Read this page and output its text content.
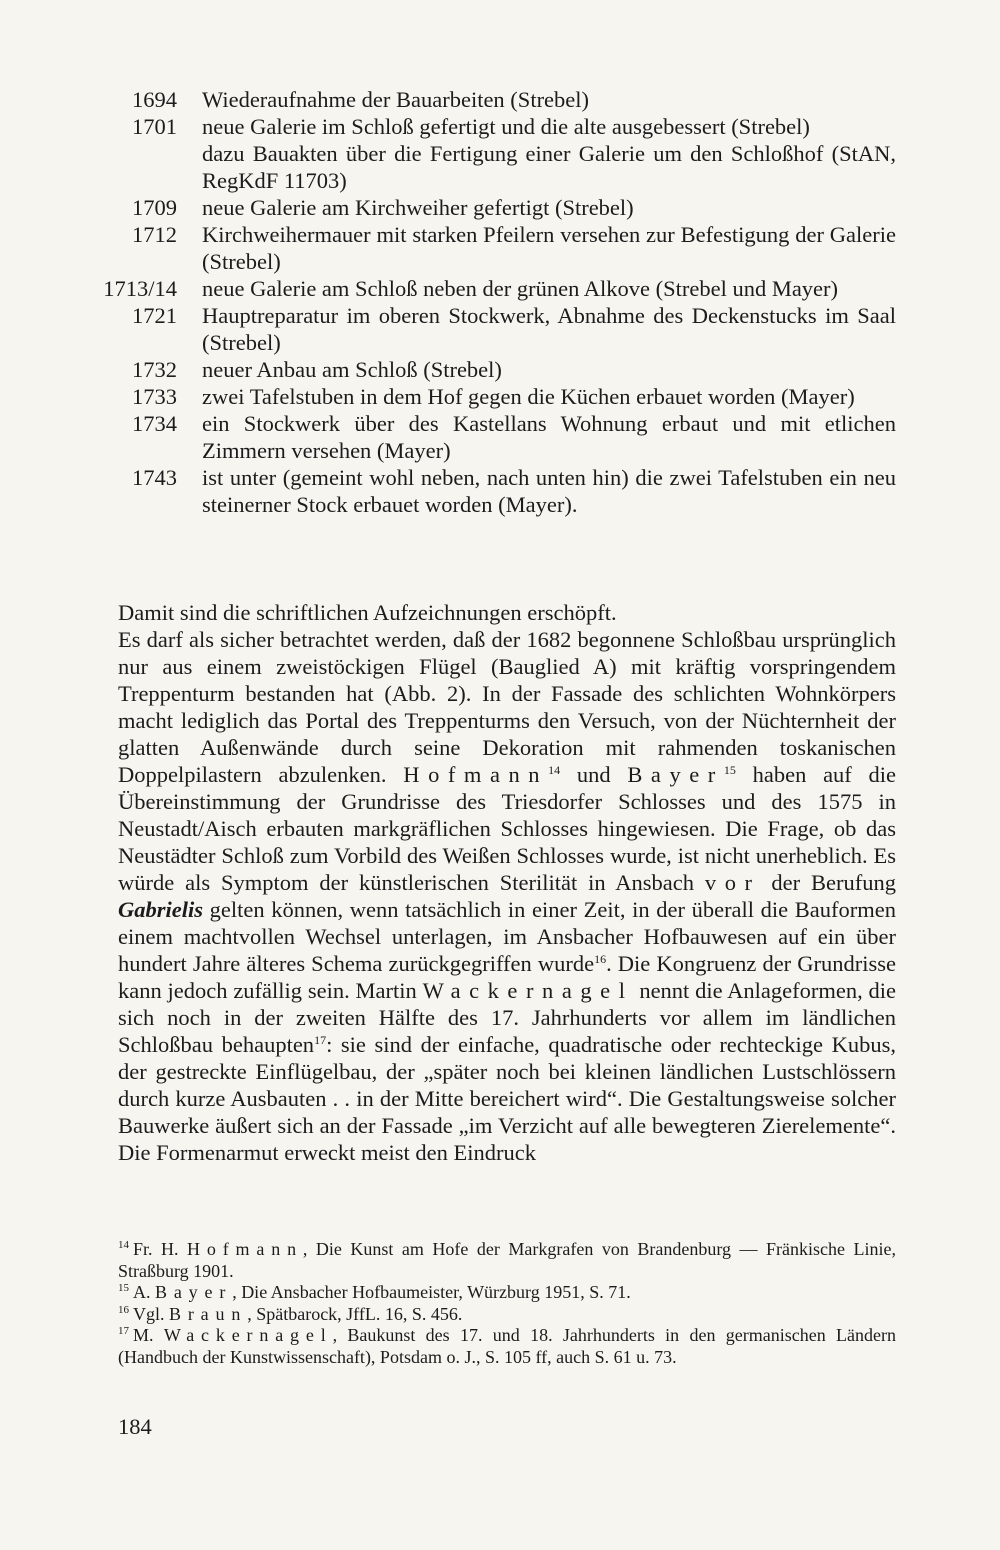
1694 Wiederaufnahme der Bauarbeiten (Strebel)
1701 neue Galerie im Schloß gefertigt und die alte ausgebessert (Strebel)
dazu Bauakten über die Fertigung einer Galerie um den Schloßhof (StAN, RegKdF 11703)
1709 neue Galerie am Kirchweiher gefertigt (Strebel)
1712 Kirchweihermauer mit starken Pfeilern versehen zur Befestigung der Galerie (Strebel)
1713/14 neue Galerie am Schloß neben der grünen Alkove (Strebel und Mayer)
1721 Hauptreparatur im oberen Stockwerk, Abnahme des Deckenstucks im Saal (Strebel)
1732 neuer Anbau am Schloß (Strebel)
1733 zwei Tafelstuben in dem Hof gegen die Küchen erbauet worden (Mayer)
1734 ein Stockwerk über des Kastellans Wohnung erbaut und mit etlichen Zimmern versehen (Mayer)
1743 ist unter (gemeint wohl neben, nach unten hin) die zwei Tafelstuben ein neu steinerner Stock erbauet worden (Mayer).

Damit sind die schriftlichen Aufzeichnungen erschöpft.

Es darf als sicher betrachtet werden, daß der 1682 begonnene Schloßbau ursprünglich nur aus einem zweistöckigen Flügel (Bauglied A) mit kräftig vorspringendem Treppenturm bestanden hat (Abb. 2). In der Fassade des schlichten Wohnkörpers macht lediglich das Portal des Treppenturms den Versuch, von der Nüchternheit der glatten Außenwände durch seine Dekoration mit rahmenden toskanischen Doppelpilastern abzulenken. Hofmann$^{14}$ und Bayer$^{15}$ haben auf die Übereinstimmung der Grundrisse des Triesdorfer Schlosses und des 1575 in Neustadt/Aisch erbauten markgräflichen Schlosses hingewiesen. Die Frage, ob das Neustädter Schloß zum Vorbild des Weißen Schlosses wurde, ist nicht unerheblich. Es würde als Symptom der künstlerischen Sterilität in Ansbach vor der Berufung Gabrielis gelten können, wenn tatsächlich in einer Zeit, in der überall die Bauformen einem machtvollen Wechsel unterlagen, im Ansbacher Hofbauwesen auf ein über hundert Jahre älteres Schema zurückgegriffen wurde$^{16}$. Die Kongruenz der Grundrisse kann jedoch zufällig sein. Martin Wackernagel nennt die Anlageformen, die sich noch in der zweiten Hälfte des 17. Jahrhunderts vor allem im ländlichen Schloßbau behaupten$^{17}$: sie sind der einfache, quadratische oder rechteckige Kubus, der gestreckte Einflügelbau, der „später noch bei kleinen ländlichen Lustschlössern durch kurze Ausbauten . . in der Mitte bereichert wird“. Die Gestaltungsweise solcher Bauwerke äußert sich an der Fassade „im Verzicht auf alle bewegteren Zierelemente“. Die Formenarmut erweckt meist den Eindruck

$^{14}$ Fr. H. Hofmann, Die Kunst am Hofe der Markgrafen von Brandenburg — Fränkische Linie, Straßburg 1901.

$^{15}$ A. Bayer, Die Ansbacher Hofbaumeister, Würzburg 1951, S. 71.

$^{16}$ Vgl. Braun, Spätbarock, JffL. 16, S. 456.

$^{17}$ M. Wackernagel, Baukunst des 17. und 18. Jahrhunderts in den germanischen Ländern (Handbuch der Kunstwissenschaft), Potsdam o. J., S. 105 ff, auch S. 61 u. 73.

184
